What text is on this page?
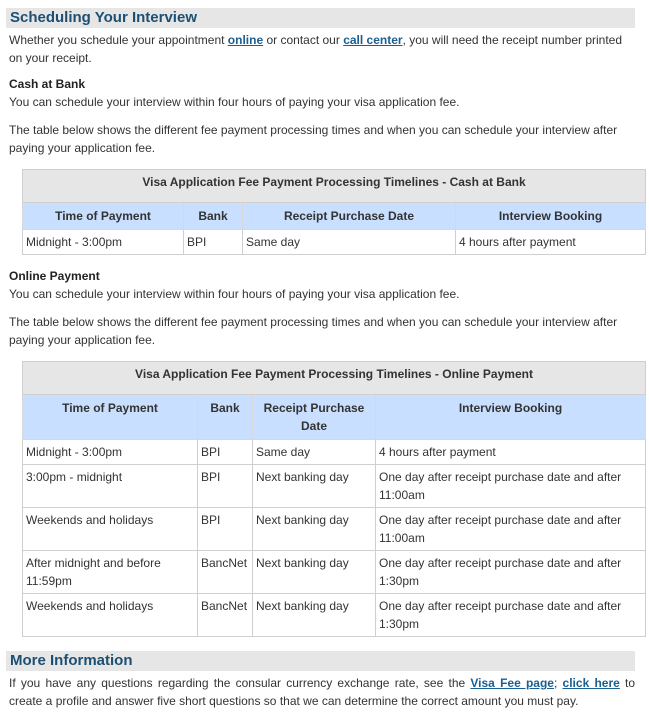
Scheduling Your Interview

Whether you schedule your appointment online or contact our call center, you will need the receipt number printed on your receipt.

Cash at Bank

You can schedule your interview within four hours of paying your visa application fee.

The table below shows the different fee payment processing times and when you can schedule your interview after paying your application fee.

Visa Application Fee Payment Processing Timelines - Cash at Bank			
Time of Payment	Bank	Receipt Purchase Date	Interview Booking
Midnight - 3:00pm	BPI	Same day	4 hours after payment

Online Payment

You can schedule your interview within four hours of paying your visa application fee.

The table below shows the different fee payment processing times and when you can schedule your interview after paying your application fee.

Visa Application Fee Payment Processing Timelines - Online Payment			
Time of Payment	Bank	Receipt Purchase Date	Interview Booking
Midnight - 3:00pm	BPI	Same day	4 hours after payment
3:00pm - midnight	BPI	Next banking day	One day after receipt purchase date and after 11:00am
Weekends and holidays	BPI	Next banking day	One day after receipt purchase date and after 11:00am
After midnight and before 11:59pm	BancNet	Next banking day	One day after receipt purchase date and after 1:30pm
Weekends and holidays	BancNet	Next banking day	One day after receipt purchase date and after 1:30pm
More Information

If you have any questions regarding the consular currency exchange rate, see the Visa Fee page; click here to create a profile and answer five short questions so that we can determine the correct amount you must pay.
